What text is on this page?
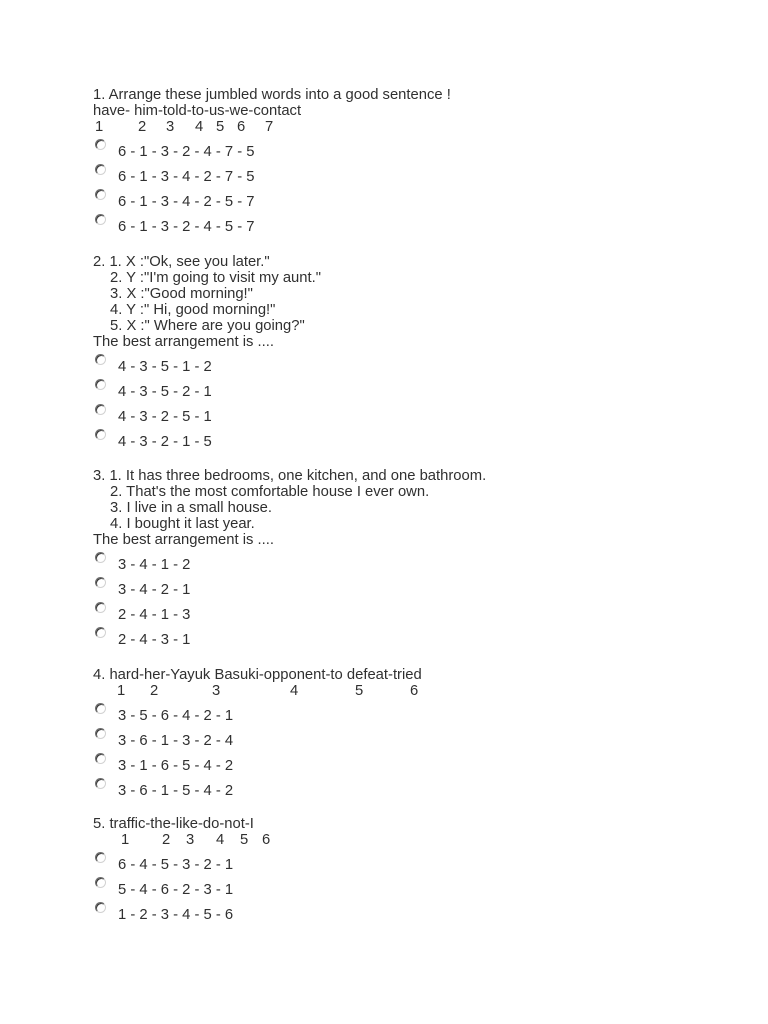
1. Arrange these jumbled words into a good sentence !
have- him-told-to-us-we-contact
1 2 3 4 5 6 7
6 - 1 - 3 - 2 - 4 - 7 - 5
6 - 1 - 3 - 4 - 2 - 7 - 5
6 - 1 - 3 - 4 - 2 - 5 - 7
6 - 1 - 3 - 2 - 4 - 5 - 7
2. 1. X :"Ok, see you later."
2. Y :"I'm going to visit my aunt."
3. X :"Good morning!"
4. Y :" Hi, good morning!"
5. X :" Where are you going?"
The best arrangement is ....
4 - 3 - 5 - 1 - 2
4 - 3 - 5 - 2 - 1
4 - 3 - 2 - 5 - 1
4 - 3 - 2 - 1 - 5
3. 1. It has three bedrooms, one kitchen, and one bathroom.
2. That's the most comfortable house I ever own.
3. I live in a small house.
4. I bought it last year.
The best arrangement is ....
3 - 4 - 1 - 2
3 - 4 - 2 - 1
2 - 4 - 1 - 3
2 - 4 - 3 - 1
4. hard-her-Yayuk Basuki-opponent-to defeat-tried
1 2	3	4	5	6
3 - 5 - 6 - 4 - 2 - 1
3 - 6 - 1 - 3 - 2 - 4
3 - 1 - 6 - 5 - 4 - 2
3 - 6 - 1 - 5 - 4 - 2
5. traffic-the-like-do-not-I
1 2 3 4 5 6
6 - 4 - 5 - 3 - 2 - 1
5 - 4 - 6 - 2 - 3 - 1
1 - 2 - 3 - 4 - 5 - 6
